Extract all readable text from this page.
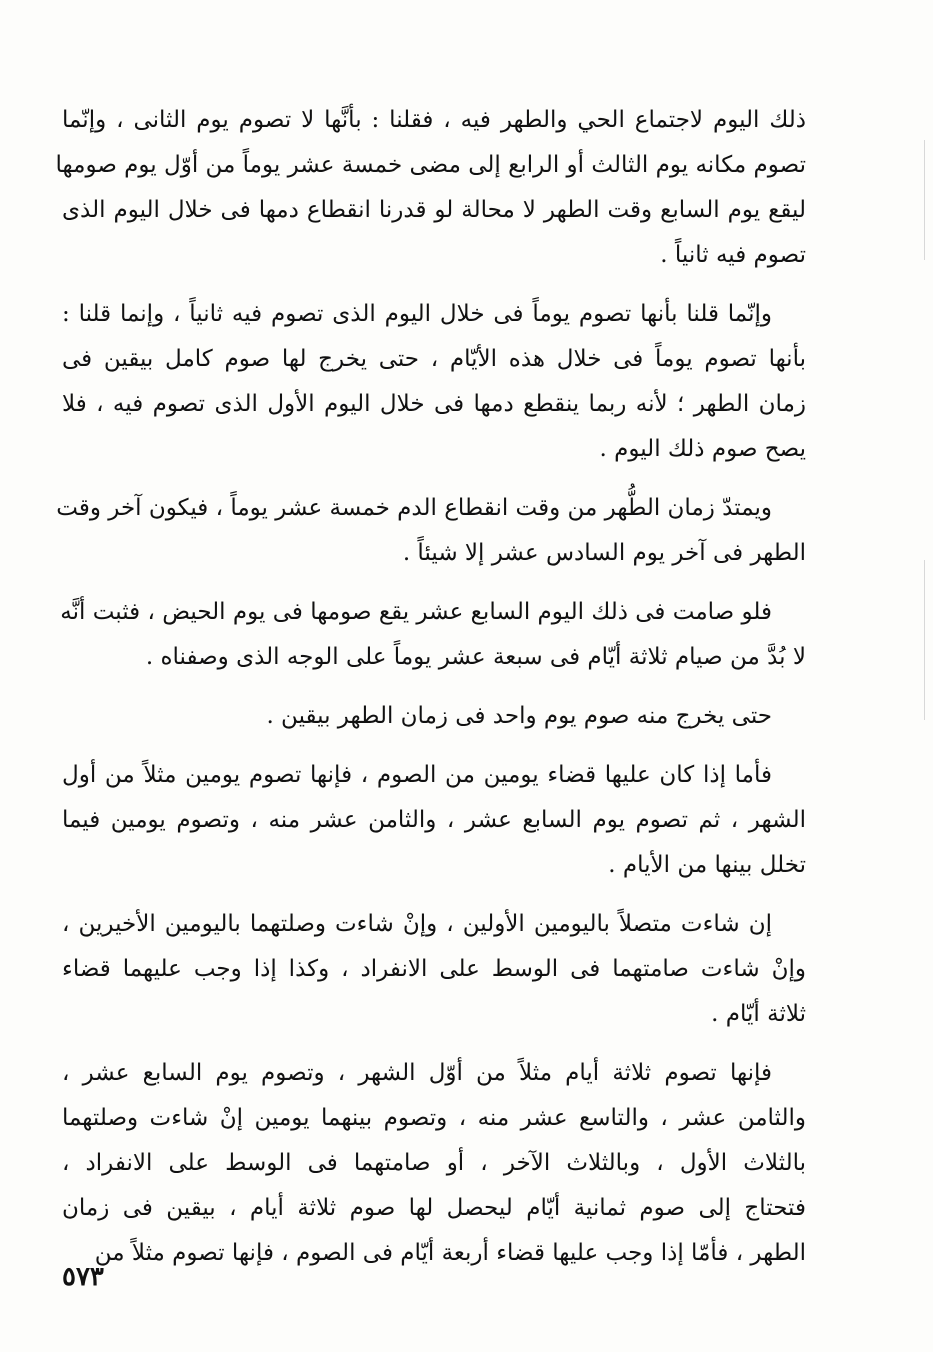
ذلك اليوم لاجتماع الحي والطهر فيه ، فقلنا : بأنَّها لا تصوم يوم الثانى ، وإنّما
تصوم مكانه يوم الثالث أو الرابع إلى مضى خمسة عشر يوماً من أوّل يوم صومها
ليقع يوم السابع وقت الطهر لا محالة لو قدرنا انقطاع دمها فى خلال اليوم الذى
تصوم فيه ثانياً .

وإنّما قلنا بأنها تصوم يوماً فى خلال اليوم الذى تصوم فيه ثانياً ، وإنما قلنا :
بأنها تصوم يوماً فى خلال هذه الأيّام ، حتى يخرج لها صوم كامل بيقين فى
زمان الطهر ؛ لأنه ربما ينقطع دمها فى خلال اليوم الأول الذى تصوم فيه ، فلا
يصح صوم ذلك اليوم .

ويمتدّ زمان الطُّهر من وقت انقطاع الدم خمسة عشر يوماً ، فيكون آخر وقت
الطهر فى آخر يوم السادس عشر إلا شيئاً .

فلو صامت فى ذلك اليوم السابع عشر يقع صومها فى يوم الحيض ، فثبت أنَّه
لا بُدَّ من صيام ثلاثة أيّام فى سبعة عشر يوماً على الوجه الذى وصفناه .

حتى يخرج منه صوم يوم واحد فى زمان الطهر بيقين .

فأما إذا كان عليها قضاء يومين من الصوم ، فإنها تصوم يومين مثلاً من أول
الشهر ، ثم تصوم يوم السابع عشر ، والثامن عشر منه ، وتصوم يومين فيما
تخلل بينها من الأيام .

إن شاءت متصلاً باليومين الأولين ، وإنْ شاءت وصلتهما باليومين الأخيرين ،
وإنْ شاءت صامتهما فى الوسط على الانفراد ، وكذا إذا وجب عليهما قضاء
ثلاثة أيّام .

فإنها تصوم ثلاثة أيام مثلاً من أوّل الشهر ، وتصوم يوم السابع عشر ،
والثامن عشر ، والتاسع عشر منه ، وتصوم بينهما يومين إنْ شاءت وصلتهما
بالثلاث الأول ، وبالثلاث الآخر ، أو صامتهما فى الوسط على الانفراد ،
فتحتاج إلى صوم ثمانية أيّام ليحصل لها صوم ثلاثة أيام ، بيقين فى زمان
الطهر ، فأمّا إذا وجب عليها قضاء أربعة أيّام فى الصوم ، فإنها تصوم مثلاً من

٥٧٣
